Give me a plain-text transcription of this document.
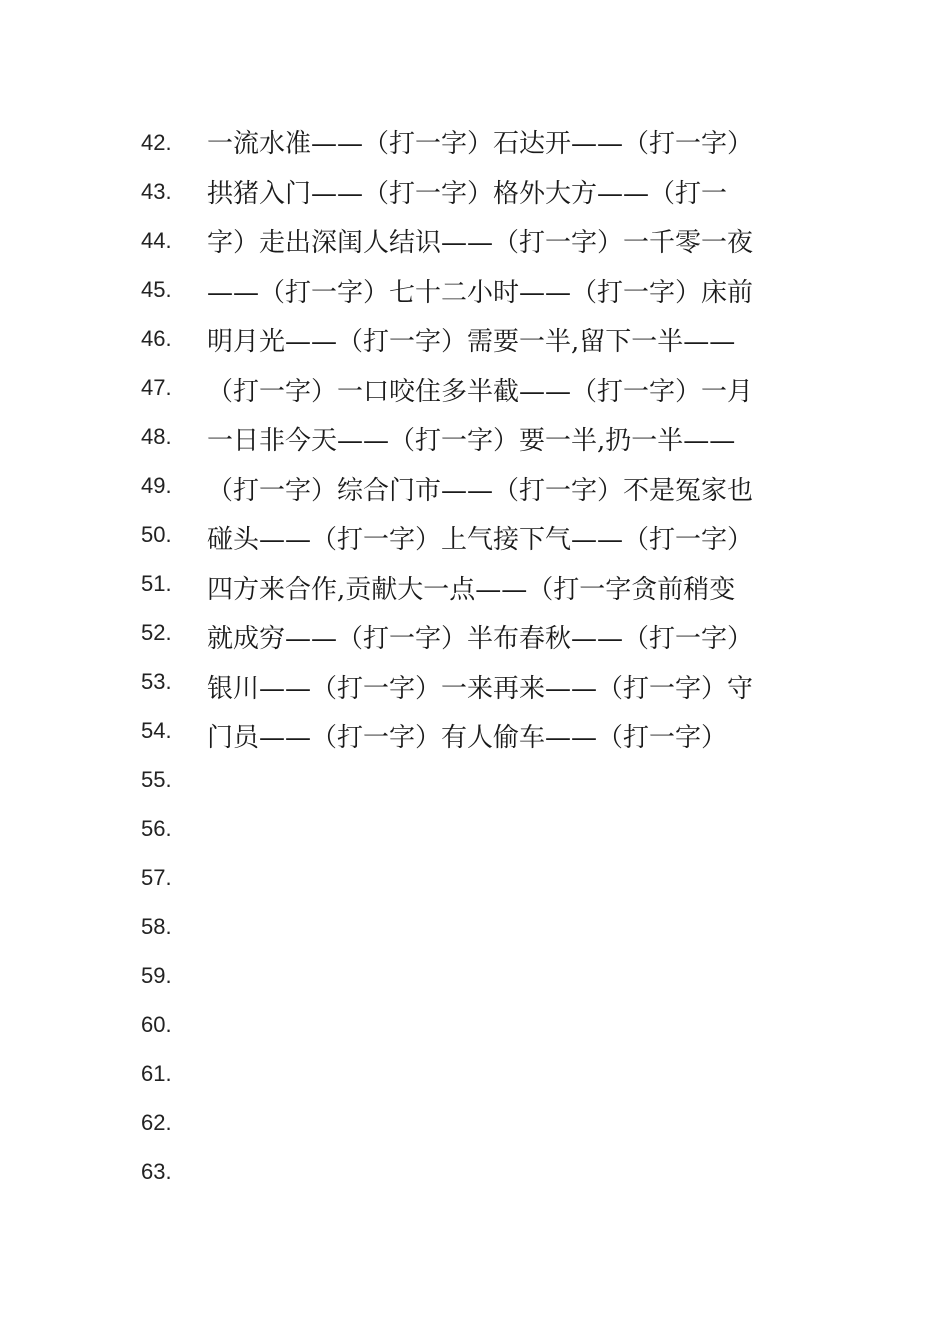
42.
43.
44.
45.
46.
47.
48.
49.
50.
51.
52.
53.
54.
55.
56.
57.
58.
59.
60.
61.
62.
63.
一流水准——（打一字）石达开——（打一字）
拱猪入门——（打一字）格外大方——（打一
字）走出深闺人结识——（打一字）一千零一夜
——（打一字）七十二小时——（打一字）床前
明月光——（打一字）需要一半,留下一半——
（打一字）一口咬住多半截——（打一字）一月
一日非今天——（打一字）要一半,扔一半——
（打一字）综合门市——（打一字）不是冤家也
碰头——（打一字）上气接下气——（打一字）
四方来合作,贡献大一点——（打一字贪前稍变
就成穷——（打一字）半布春秋——（打一字）
银川——（打一字）一来再来——（打一字）守
门员——（打一字）有人偷车——（打一字）
